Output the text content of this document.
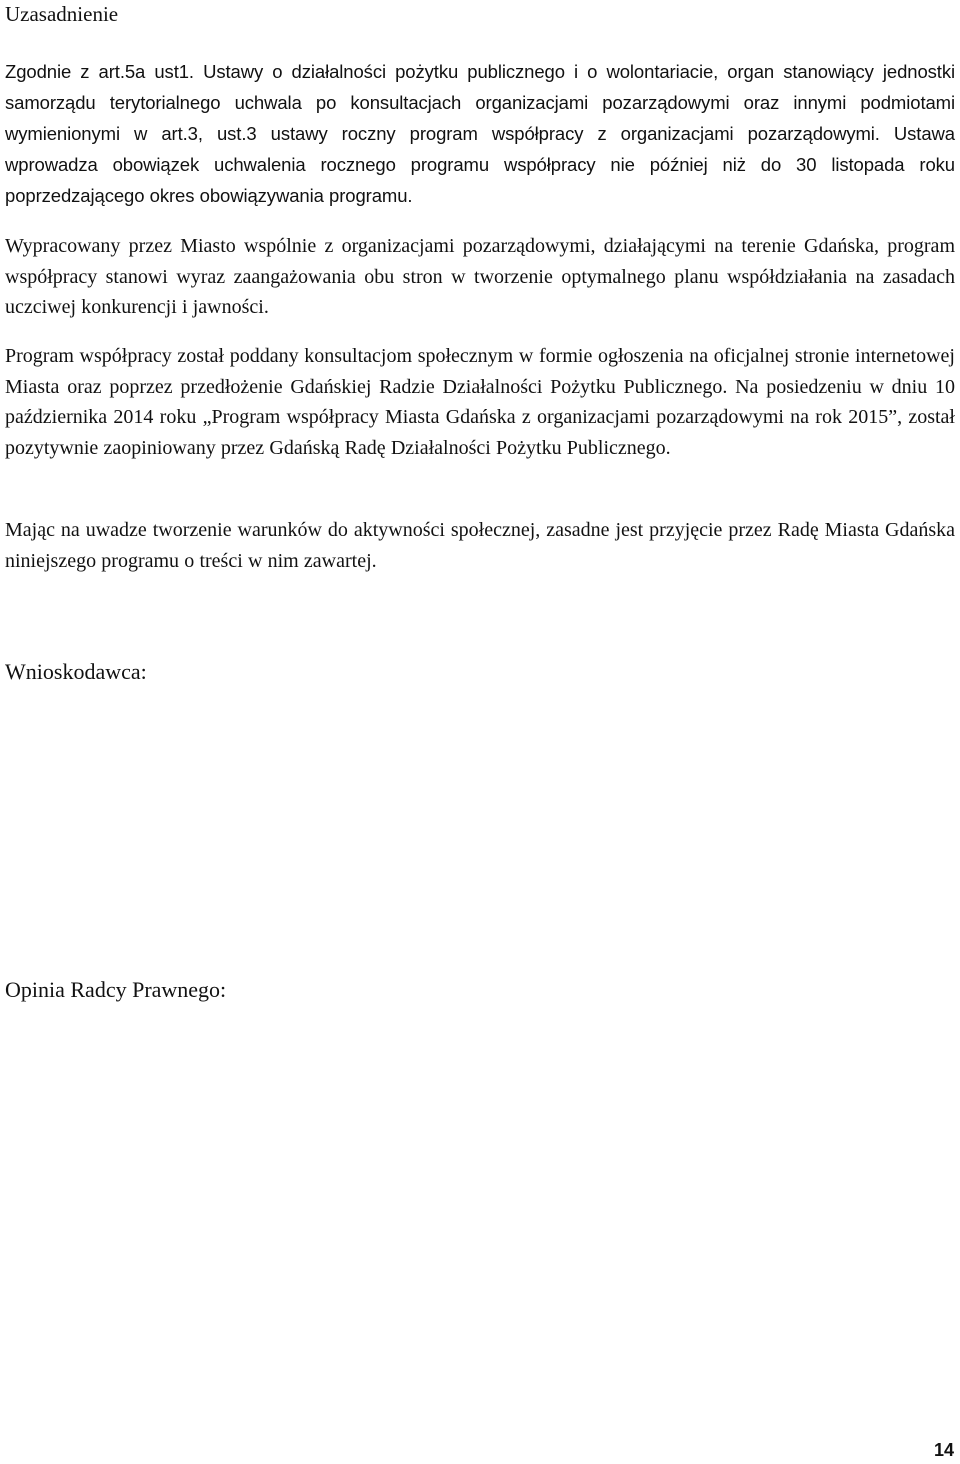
Uzasadnienie

Zgodnie z art.5a ust1. Ustawy o działalności pożytku publicznego i o wolontariacie, organ stanowiący jednostki samorządu terytorialnego uchwala po konsultacjach organizacjami pozarządowymi oraz innymi podmiotami wymienionymi w art.3, ust.3 ustawy roczny program współpracy z organizacjami pozarządowymi. Ustawa wprowadza obowiązek uchwalenia rocznego programu współpracy nie później niż do 30 listopada roku poprzedzającego okres obowiązywania programu.

Wypracowany przez Miasto wspólnie z organizacjami pozarządowymi, działającymi na terenie Gdańska, program współpracy stanowi wyraz zaangażowania obu stron w tworzenie optymalnego planu współdziałania na zasadach uczciwej konkurencji i jawności.

Program współpracy został poddany konsultacjom społecznym w formie ogłoszenia na oficjalnej stronie internetowej Miasta oraz poprzez przedłożenie Gdańskiej Radzie Działalności Pożytku Publicznego. Na posiedzeniu w dniu 10 października 2014 roku „Program współpracy Miasta Gdańska z organizacjami pozarządowymi na rok 2015”, został pozytywnie zaopiniowany przez Gdańską Radę Działalności Pożytku Publicznego.

Mając na uwadze tworzenie warunków do aktywności społecznej, zasadne jest przyjęcie przez Radę Miasta Gdańska niniejszego programu o treści w nim zawartej.

Wnioskodawca:
Opinia Radcy Prawnego:
14
